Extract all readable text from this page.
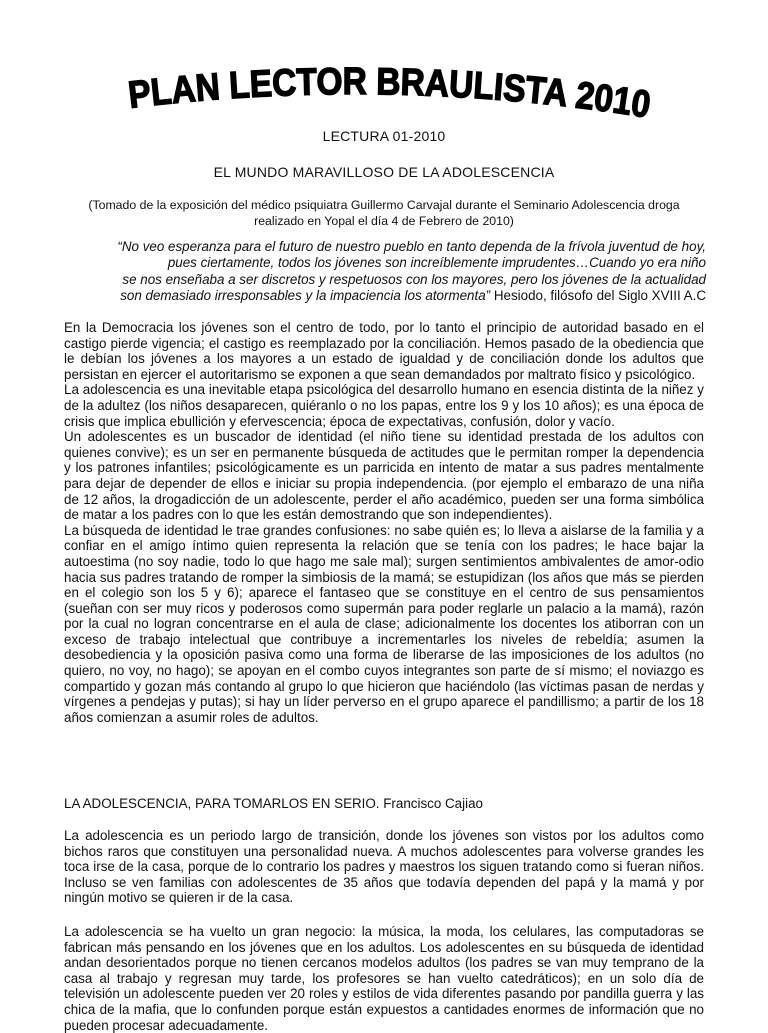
PLAN LECTOR BRAULISTA 2010
LECTURA 01-2010
EL MUNDO MARAVILLOSO DE LA ADOLESCENCIA
(Tomado de la exposición del médico psiquiatra Guillermo Carvajal durante el Seminario Adolescencia droga
realizado en Yopal el día 4 de Febrero de 2010)
“No veo esperanza para el futuro de nuestro pueblo en tanto dependa de la frívola juventud de hoy,
pues ciertamente, todos los jóvenes son increíblemente imprudentes…Cuando yo era niño
se nos enseñaba a ser discretos y respetuosos con los mayores, pero los jóvenes de la actualidad
son demasiado irresponsables y la impaciencia los atormenta” Hesiodo, filósofo del Siglo XVIII A.C

En la Democracia los jóvenes son el centro de todo, por lo tanto el principio de autoridad basado en el castigo pierde vigencia; el castigo es reemplazado por la conciliación. Hemos pasado de la obediencia que le debían los jóvenes a los mayores a un estado de igualdad y de conciliación donde los adultos que persistan en ejercer el autoritarismo se exponen a que sean demandados por maltrato físico y psicológico.

La adolescencia es una inevitable etapa psicológica del desarrollo humano en esencia distinta de la niñez y de la adultez (los niños desaparecen, quiéranlo o no los papas, entre los 9 y los 10 años); es una época de crisis que implica ebullición y efervescencia; época de expectativas, confusión, dolor y vacío.

Un adolescentes es un buscador de identidad (el niño tiene su identidad prestada de los adultos con quienes convive); es un ser en permanente búsqueda de actitudes que le permitan romper la dependencia y los patrones infantiles; psicológicamente es un parricida en intento de matar a sus padres mentalmente para dejar de depender de ellos e iniciar su propia independencia. (por ejemplo el embarazo de una niña de 12 años, la drogadicción de un adolescente, perder el año académico, pueden ser una forma simbólica de matar a los padres con lo que les están demostrando que son independientes).

La búsqueda de identidad le trae grandes confusiones: no sabe quién es; lo lleva a aislarse de la familia y a confiar en el amigo íntimo quien representa la relación que se tenía con los padres; le hace bajar la autoestima (no soy nadie, todo lo que hago me sale mal); surgen sentimientos ambivalentes de amor-odio hacia sus padres tratando de romper la simbiosis de la mamá; se estupidizan (los años que más se pierden en el colegio son los 5 y 6); aparece el fantaseo que se constituye en el centro de sus pensamientos (sueñan con ser muy ricos y poderosos como supermán para poder reglarle un palacio a la mamá), razón por la cual no logran concentrarse en el aula de clase; adicionalmente los docentes los atiborran con un exceso de trabajo intelectual que contribuye a incrementarles los niveles de rebeldía; asumen la desobediencia y la oposición pasiva como una forma de liberarse de las imposiciones de los adultos (no quiero, no voy, no hago); se apoyan en el combo cuyos integrantes son parte de sí mismo; el noviazgo es compartido y gozan más contando al grupo lo que hicieron que haciéndolo (las víctimas pasan de nerdas y vírgenes a pendejas y putas); si hay un líder perverso en el grupo aparece el pandillismo; a partir de los 18 años comienzan a asumir roles de adultos.

LA ADOLESCENCIA, PARA TOMARLOS EN SERIO. Francisco Cajiao

La adolescencia es un periodo largo de transición, donde los jóvenes son vistos por los adultos como bichos raros que constituyen una personalidad nueva. A muchos adolescentes para volverse grandes les toca irse de la casa, porque de lo contrario los padres y maestros los siguen tratando como si fueran niños. Incluso se ven familias con adolescentes de 35 años que todavía dependen del papá y la mamá y por ningún motivo se quieren ir de la casa.

La adolescencia se ha vuelto un gran negocio: la música, la moda, los celulares, las computadoras se fabrican más pensando en los jóvenes que en los adultos. Los adolescentes en su búsqueda de identidad andan desorientados porque no tienen cercanos modelos adultos (los padres se van muy temprano de la casa al trabajo y regresan muy tarde, los profesores se han vuelto catedráticos); en un solo día de televisión un adolescente pueden ver 20 roles y estilos de vida diferentes pasando por pandilla guerra y las chica de la mafia, que lo confunden porque están expuestos a cantidades enormes de información que no pueden procesar adecuadamente.
